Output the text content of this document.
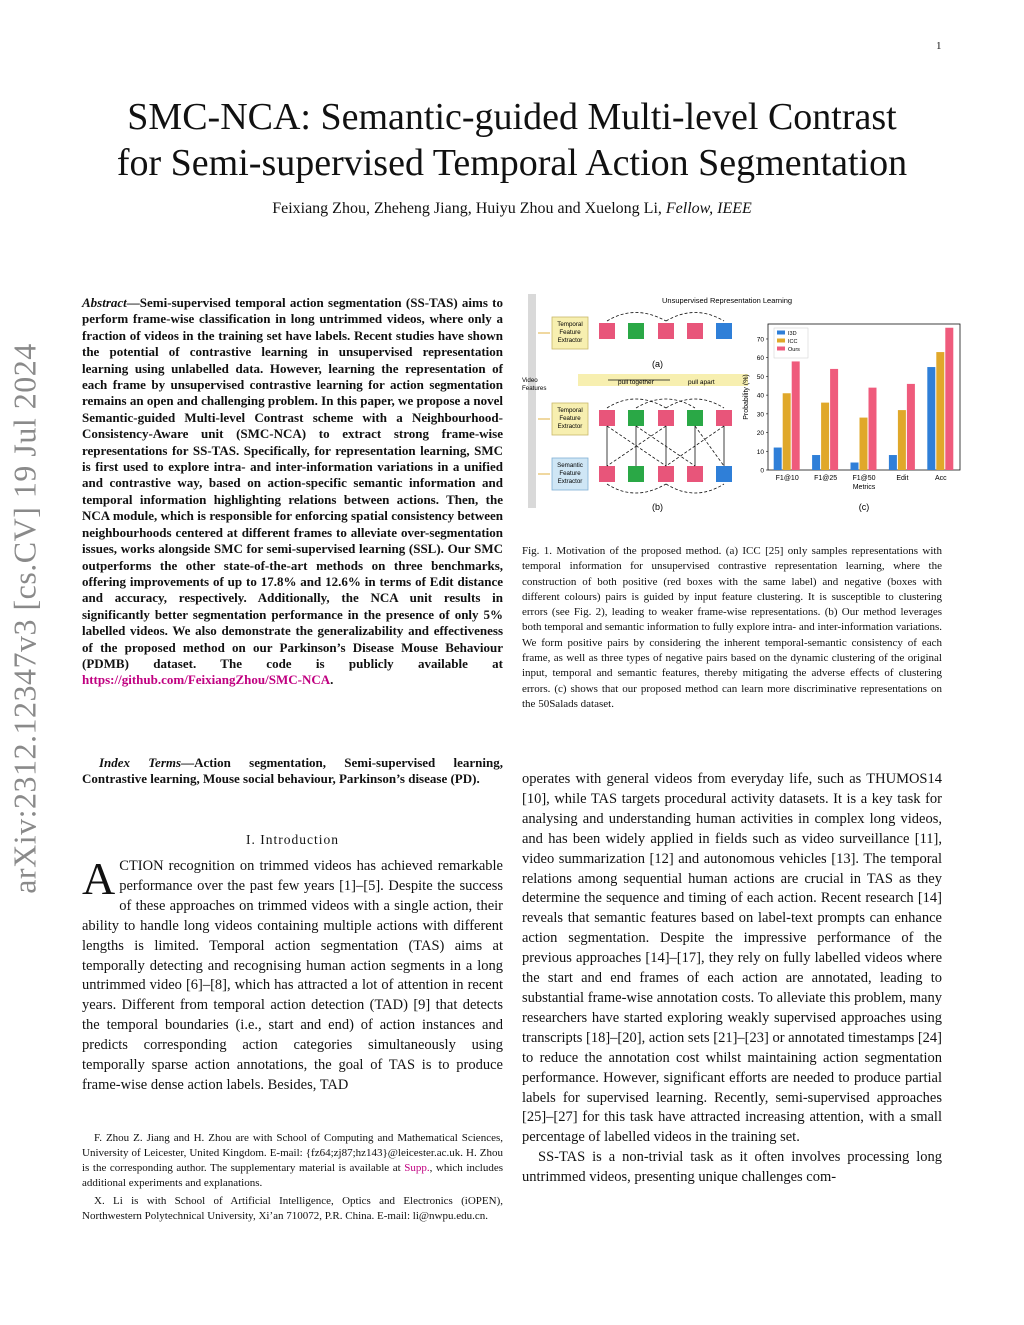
1
arXiv:2312.12347v3 [cs.CV] 19 Jul 2024
SMC-NCA: Semantic-guided Multi-level Contrast
for Semi-supervised Temporal Action Segmentation
Feixiang Zhou, Zheheng Jiang, Huiyu Zhou and Xuelong Li, Fellow, IEEE
Abstract—Semi-supervised temporal action segmentation (SS-TAS) aims to perform frame-wise classification in long untrimmed videos, where only a fraction of videos in the training set have labels. Recent studies have shown the potential of contrastive learning in unsupervised representation learning using unlabelled data. However, learning the representation of each frame by unsupervised contrastive learning for action segmentation remains an open and challenging problem. In this paper, we propose a novel Semantic-guided Multi-level Contrast scheme with a Neighbourhood-Consistency-Aware unit (SMC-NCA) to extract strong frame-wise representations for SS-TAS. Specifically, for representation learning, SMC is first used to explore intra- and inter-information variations in a unified and contrastive way, based on action-specific semantic information and temporal information highlighting relations between actions. Then, the NCA module, which is responsible for enforcing spatial consistency between neighbourhoods centered at different frames to alleviate over-segmentation issues, works alongside SMC for semi-supervised learning (SSL). Our SMC outperforms the other state-of-the-art methods on three benchmarks, offering improvements of up to 17.8% and 12.6% in terms of Edit distance and accuracy, respectively. Additionally, the NCA unit results in significantly better segmentation performance in the presence of only 5% labelled videos. We also demonstrate the generalizability and effectiveness of the proposed method on our Parkinson’s Disease Mouse Behaviour (PDMB) dataset. The code is publicly available at https://github.com/FeixiangZhou/SMC-NCA.
Index Terms—Action segmentation, Semi-supervised learning, Contrastive learning, Mouse social behaviour, Parkinson’s disease (PD).
I. Introduction
ACTION recognition on trimmed videos has achieved remarkable performance over the past few years [1]–[5]. Despite the success of these approaches on trimmed videos with a single action, their ability to handle long videos containing multiple actions with different lengths is limited. Temporal action segmentation (TAS) aims at temporally detecting and recognising human action segments in a long untrimmed video [6]–[8], which has attracted a lot of attention in recent years. Different from temporal action detection (TAD) [9] that detects the temporal boundaries (i.e., start and end) of action instances and predicts corresponding action categories simultaneously using temporally sparse action annotations, the goal of TAS is to produce frame-wise dense action labels. Besides, TAD

F. Zhou Z. Jiang and H. Zhou are with School of Computing and Mathematical Sciences, University of Leicester, United Kingdom. E-mail: {fz64;zj87;hz143}@leicester.ac.uk. H. Zhou is the corresponding author. The supplementary material is available at Supp., which includes additional experiments and explanations.

X. Li is with School of Artificial Intelligence, Optics and Electronics (iOPEN), Northwestern Polytechnical University, Xi’an 710072, P.R. China. E-mail: li@nwpu.edu.cn.

Unsupervised Representation Learning
Temporal
Feature
Extractor
Temporal
Feature
Extractor
Semantic
Feature
Extractor
Video
Features
pull together	pull apart
(a)
(b)
0
10
20
30
40
50
60
70
F1@10 F1@25 F1@50	Edit	Acc
I3D
ICC
Ours
Probability (%)
Metrics
(c)
Fig. 1. Motivation of the proposed method. (a) ICC [25] only samples representations with temporal information for unsupervised contrastive representation learning, where the construction of both positive (red boxes with the same label) and negative (boxes with different colours) pairs is guided by input feature clustering. It is susceptible to clustering errors (see Fig. 2), leading to weaker frame-wise representations. (b) Our method leverages both temporal and semantic information to fully explore intra- and inter-information variations. We form positive pairs by considering the inherent temporal-semantic consistency of each frame, as well as three types of negative pairs based on the dynamic clustering of the original input, temporal and semantic features, thereby mitigating the adverse effects of clustering errors. (c) shows that our proposed method can learn more discriminative representations on the 50Salads dataset.

operates with general videos from everyday life, such as THUMOS14 [10], while TAS targets procedural activity datasets. It is a key task for analysing and understanding human activities in complex long videos, and has been widely applied in fields such as video surveillance [11], video summarization [12] and autonomous vehicles [13]. The temporal relations among sequential human actions are crucial in TAS as they determine the sequence and timing of each action. Recent research [14] reveals that semantic features based on label-text prompts can enhance action segmentation. Despite the impressive performance of the previous approaches [14]–[17], they rely on fully labelled videos where the start and end frames of each action are annotated, leading to substantial frame-wise annotation costs. To alleviate this problem, many researchers have started exploring weakly supervised approaches using transcripts [18]–[20], action sets [21]–[23] or annotated timestamps [24] to reduce the annotation cost whilst maintaining action segmentation performance. However, significant efforts are needed to produce partial labels for supervised learning. Recently, semi-supervised approaches [25]–[27] for this task have attracted increasing attention, with a small percentage of labelled videos in the training set.

SS-TAS is a non-trivial task as it often involves processing long untrimmed videos, presenting unique challenges com-
